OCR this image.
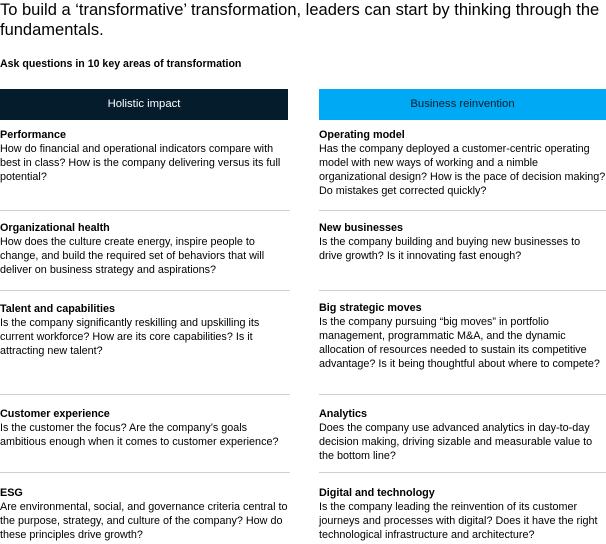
To build a ‘transformative’ transformation, leaders can start by thinking through the fundamentals.
Ask questions in 10 key areas of transformation
Holistic impact	Business reinvention
Performance
How do financial and operational indicators compare with best in class? How is the company delivering versus its full potential?
Organizational health
How does the culture create energy, inspire people to change, and build the required set of behaviors that will deliver on business strategy and aspirations?
Talent and capabilities
Is the company significantly reskilling and upskilling its current workforce? How are its core capabilities? Is it attracting new talent?
Customer experience
Is the customer the focus? Are the company’s goals ambitious enough when it comes to customer experience?
ESG
Are environmental, social, and governance criteria central to the purpose, strategy, and culture of the company? How do these principles drive growth?
Operating model
Has the company deployed a customer-centric operating model with new ways of working and a nimble organizational design? How is the pace of decision making? Do mistakes get corrected quickly?
New businesses
Is the company building and buying new businesses to drive growth? Is it innovating fast enough?
Big strategic moves
Is the company pursuing “big moves” in portfolio management, programmatic M&A, and the dynamic allocation of resources needed to sustain its competitive advantage? Is it being thoughtful about where to compete?
Analytics
Does the company use advanced analytics in day-to-day decision making, driving sizable and measurable value to the bottom line?
Digital and technology
Is the company leading the reinvention of its customer journeys and processes with digital? Does it have the right technological infrastructure and architecture?
